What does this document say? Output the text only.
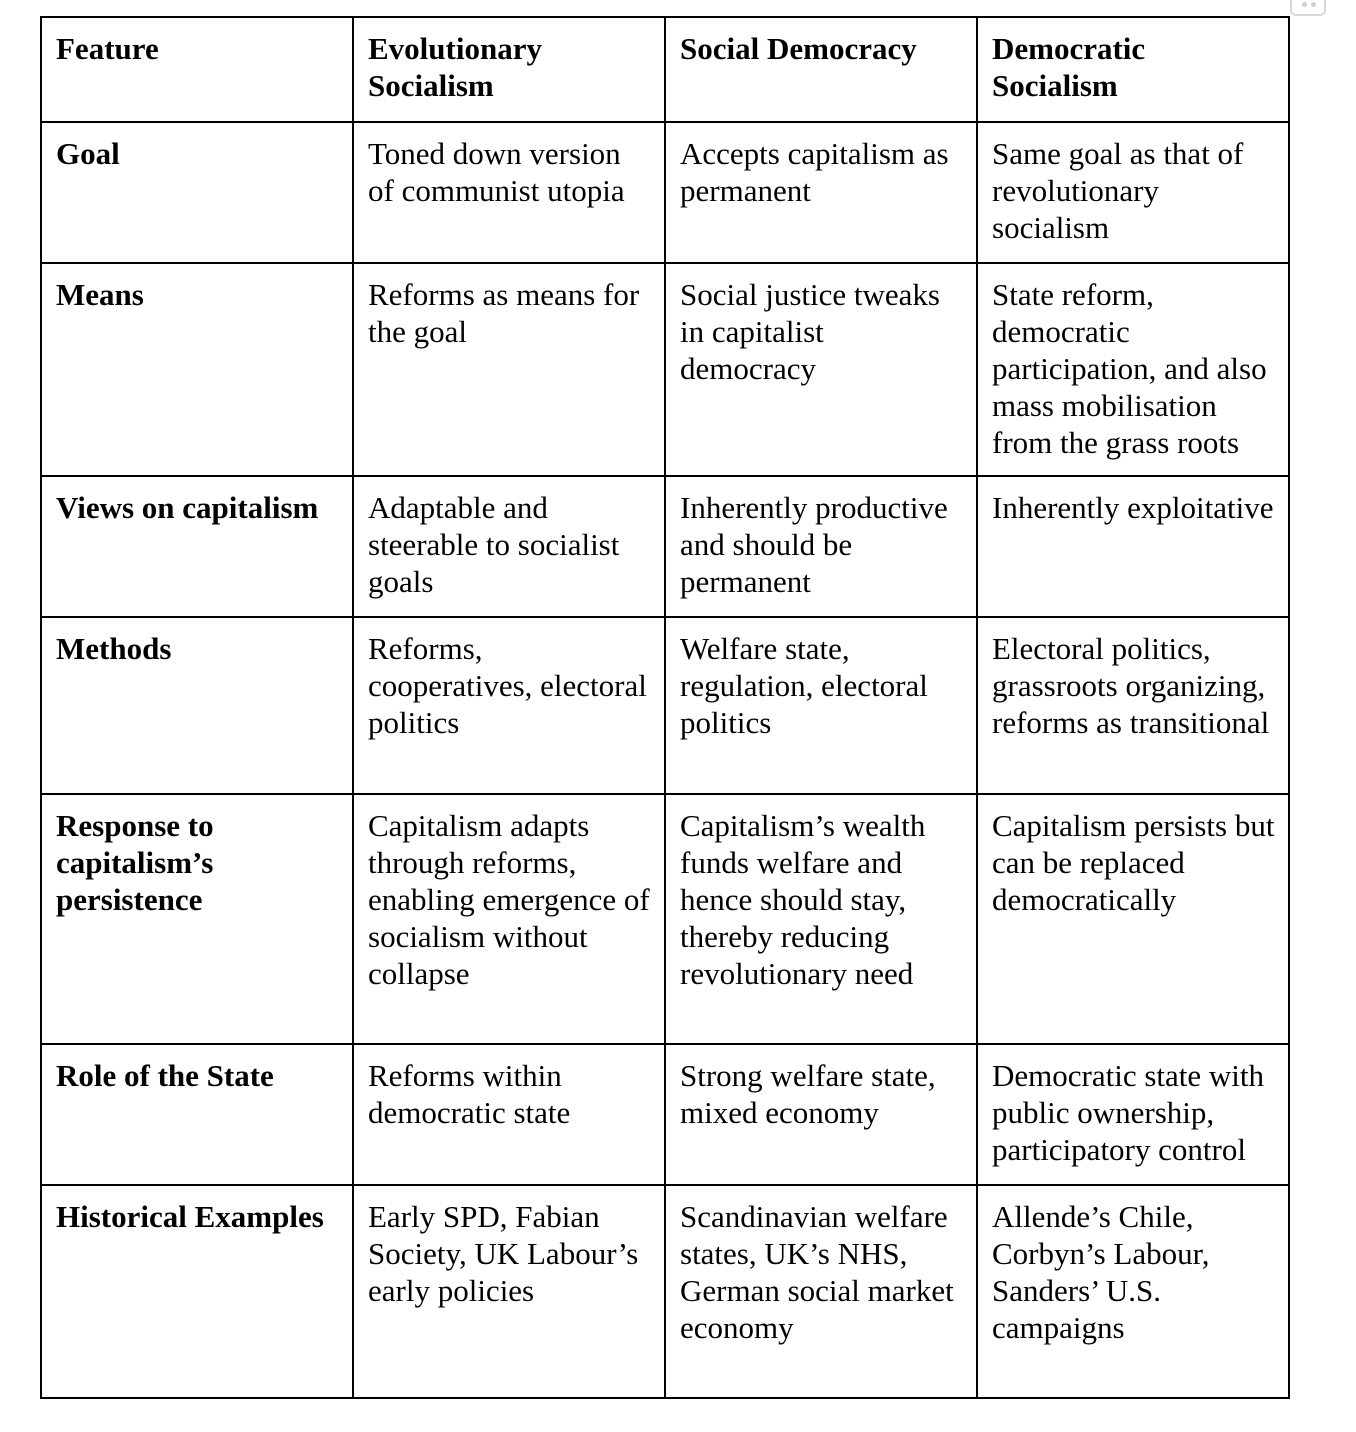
Feature	Evolutionary Socialism	Social Democracy	Democratic Socialism
Goal	Toned down version of communist utopia	Accepts capitalism as permanent	Same goal as that of revolutionary socialism
Means	Reforms as means for the goal	Social justice tweaks in capitalist democracy	State reform, democratic participation, and also mass mobilisation from the grass roots
Views on capitalism	Adaptable and steerable to socialist goals	Inherently productive and should be permanent	Inherently exploitative
Methods	Reforms, cooperatives, electoral politics	Welfare state, regulation, electoral politics	Electoral politics, grassroots organizing, reforms as transitional
Response to capitalism’s persistence	Capitalism adapts through reforms, enabling emergence of socialism without collapse	Capitalism’s wealth funds welfare and hence should stay, thereby reducing revolutionary need	Capitalism persists but can be replaced democratically
Role of the State	Reforms within democratic state	Strong welfare state, mixed economy	Democratic state with public ownership, participatory control
Historical Examples	Early SPD, Fabian Society, UK Labour’s early policies	Scandinavian welfare states, UK’s NHS, German social market economy	Allende’s Chile, Corbyn’s Labour, Sanders’ U.S. campaigns
